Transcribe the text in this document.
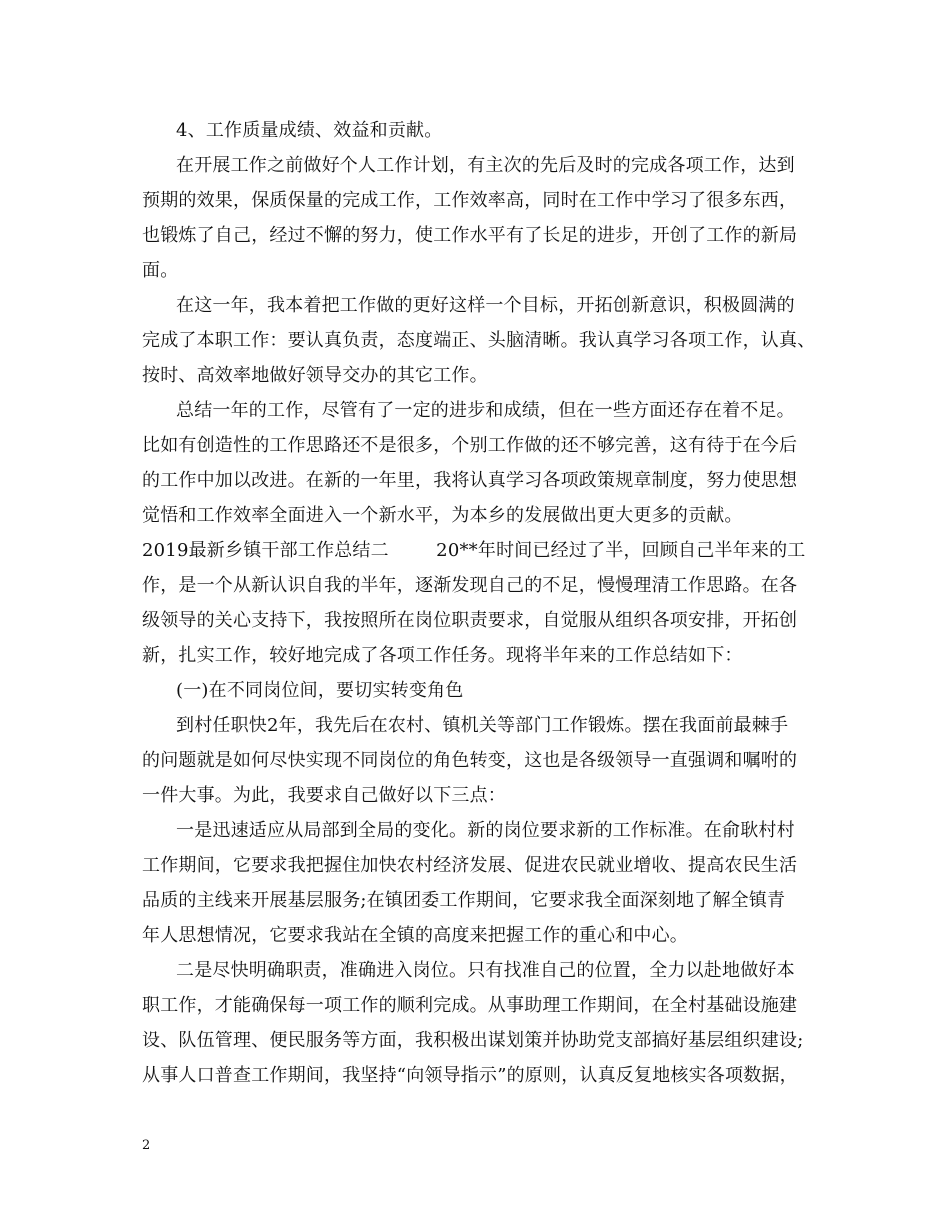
4、工作质量成绩、效益和贡献。
在开展工作之前做好个人工作计划，有主次的先后及时的完成各项工作，达到
预期的效果，保质保量的完成工作，工作效率高，同时在工作中学习了很多东西，
也锻炼了自己，经过不懈的努力，使工作水平有了长足的进步，开创了工作的新局
面。
在这一年，我本着把工作做的更好这样一个目标，开拓创新意识，积极圆满的
完成了本职工作：要认真负责，态度端正、头脑清晰。我认真学习各项工作，认真、
按时、高效率地做好领导交办的其它工作。
总结一年的工作，尽管有了一定的进步和成绩，但在一些方面还存在着不足。
比如有创造性的工作思路还不是很多，个别工作做的还不够完善，这有待于在今后
的工作中加以改进。在新的一年里，我将认真学习各项政策规章制度，努力使思想
觉悟和工作效率全面进入一个新水平，为本乡的发展做出更大更多的贡献。
2019最新乡镇干部工作总结二        20**年时间已经过了半，回顾自己半年来的工
作，是一个从新认识自我的半年，逐渐发现自己的不足，慢慢理清工作思路。在各
级领导的关心支持下，我按照所在岗位职责要求，自觉服从组织各项安排，开拓创
新，扎实工作，较好地完成了各项工作任务。现将半年来的工作总结如下：
(一)在不同岗位间，要切实转变角色
到村任职快2年，我先后在农村、镇机关等部门工作锻炼。摆在我面前最棘手
的问题就是如何尽快实现不同岗位的角色转变，这也是各级领导一直强调和嘱咐的
一件大事。为此，我要求自己做好以下三点：
一是迅速适应从局部到全局的变化。新的岗位要求新的工作标准。在俞耿村村
工作期间，它要求我把握住加快农村经济发展、促进农民就业增收、提高农民生活
品质的主线来开展基层服务;在镇团委工作期间，它要求我全面深刻地了解全镇青
年人思想情况，它要求我站在全镇的高度来把握工作的重心和中心。
二是尽快明确职责，准确进入岗位。只有找准自己的位置，全力以赴地做好本
职工作，才能确保每一项工作的顺利完成。从事助理工作期间，在全村基础设施建
设、队伍管理、便民服务等方面，我积极出谋划策并协助党支部搞好基层组织建设;
从事人口普查工作期间，我坚持“向领导指示”的原则，认真反复地核实各项数据，
2
